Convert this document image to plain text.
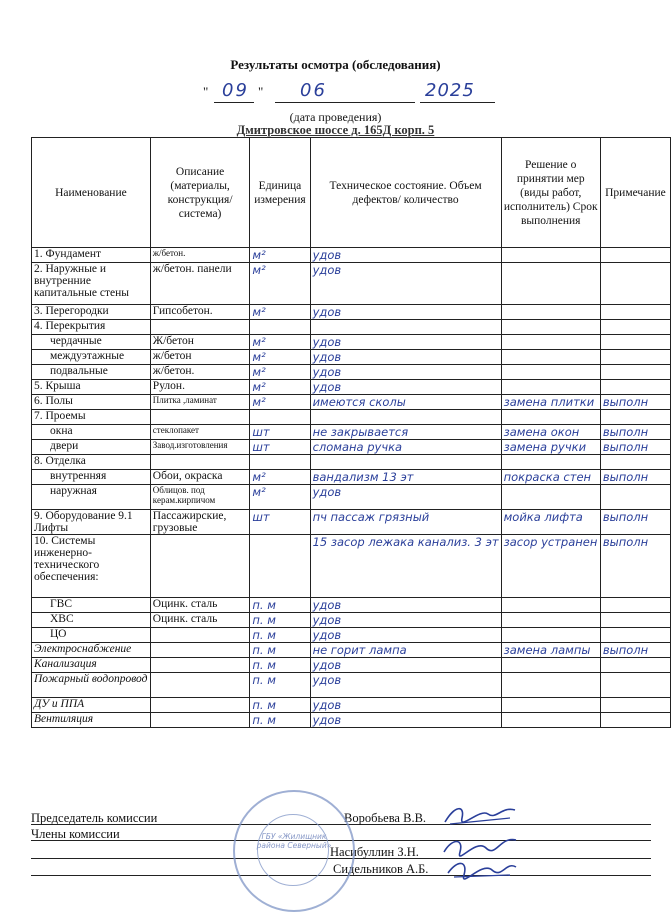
Результаты осмотра (обследования)
" 09 " 06	2025
(дата проведения)
Дмитровское шоссе д. 165Д корп. 5
Наименование	Описание (материалы, конструкция/ система)	Единица измерения	Техническое состояние. Объем дефектов/ количество	Решение о принятии мер (виды работ, исполнитель) Срок выполнения	Примечание
1. Фундамент	ж/бетон.	м²	удов		
2. Наружные и внутренние капитальные стены	ж/бетон. панели	м²	удов		
3. Перегородки	Гипсобетон.	м²	удов		
4. Перекрытия					
чердачные	Ж/бетон	м²	удов		
междуэтажные	ж/бетон	м²	удов		
подвальные	ж/бетон.	м²	удов		
5. Крыша	Рулон.	м²	удов		
6. Полы	Плитка ,ламинат	м²	имеются сколы	замена плитки	выполн
7. Проемы					
окна	стеклопакет	шт	не закрывается	замена окон	выполн
двери	Завод.изготовления	шт	сломана ручка	замена ручки	выполн
8. Отделка					
внутренняя	Обои, окраска	м²	вандализм 13 эт	покраска стен	выполн
наружная	Облицов. под керам.кирпичом	м²	удов		
9. Оборудование 9.1 Лифты	Пассажирские, грузовые	шт	пч пассаж грязный	мойка лифта	выполн
10. Системы инженерно-технического обеспечения:			15 засор лежака канализ. 3 эт	засор устранен	выполн
ГВС	Оцинк. сталь	п. м	удов		
ХВС	Оцинк. сталь	п. м	удов		
ЦО		п. м	удов		
Электроснабжение		п. м	не горит лампа	замена лампы	выполн
Канализация		п. м	удов		
Пожарный водопровод		п. м	удов		
ДУ и ППА		п. м	удов		
Вентиляция		п. м	удов		
Председатель комиссии	Воробьева В.В.
Члены комиссии
Насибуллин З.Н.
Сидельников А.Б.
ГБУ «Жилищник района Северный»
